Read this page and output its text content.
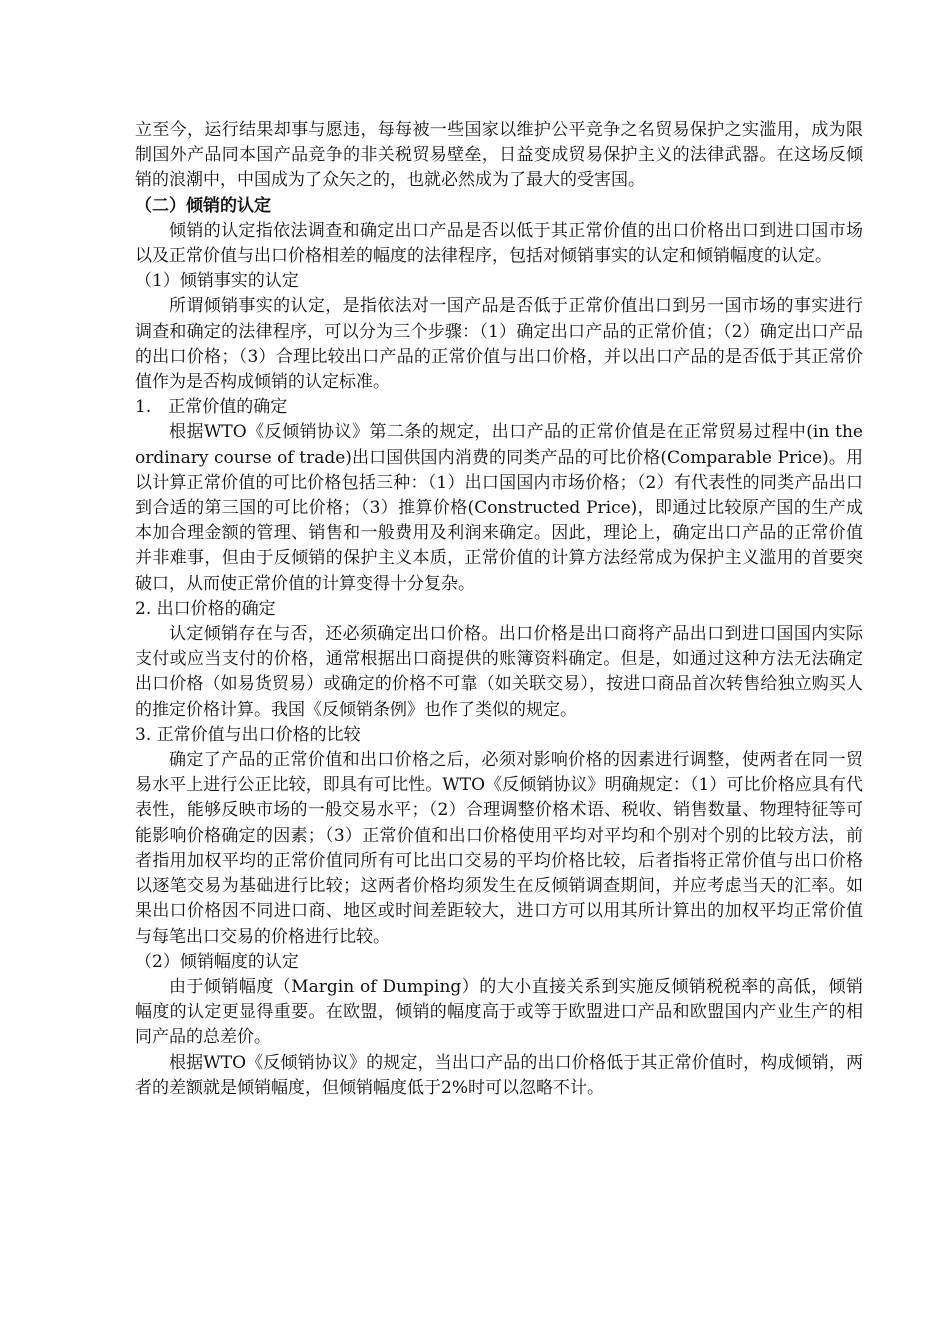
立至今，运行结果却事与愿违，每每被一些国家以维护公平竞争之名贸易保护之实滥用，成为限制国外产品同本国产品竞争的非关税贸易壁垒，日益变成贸易保护主义的法律武器。在这场反倾销的浪潮中，中国成为了众矢之的，也就必然成为了最大的受害国。

（二）倾销的认定

倾销的认定指依法调查和确定出口产品是否以低于其正常价值的出口价格出口到进口国市场以及正常价值与出口价格相差的幅度的法律程序，包括对倾销事实的认定和倾销幅度的认定。

（1）倾销事实的认定

所谓倾销事实的认定，是指依法对一国产品是否低于正常价值出口到另一国市场的事实进行调查和确定的法律程序，可以分为三个步骤：（1）确定出口产品的正常价值；（2）确定出口产品的出口价格；（3）合理比较出口产品的正常价值与出口价格，并以出口产品的是否低于其正常价值作为是否构成倾销的认定标准。

1.　正常价值的确定

根据WTO《反倾销协议》第二条的规定，出口产品的正常价值是在正常贸易过程中(in the ordinary course of trade)出口国供国内消费的同类产品的可比价格(Comparable Price)。用以计算正常价值的可比价格包括三种：（1）出口国国内市场价格；（2）有代表性的同类产品出口到合适的第三国的可比价格；（3）推算价格(Constructed Price)，即通过比较原产国的生产成本加合理金额的管理、销售和一般费用及利润来确定。因此，理论上，确定出口产品的正常价值并非难事，但由于反倾销的保护主义本质，正常价值的计算方法经常成为保护主义滥用的首要突破口，从而使正常价值的计算变得十分复杂。

2. 出口价格的确定

认定倾销存在与否，还必须确定出口价格。出口价格是出口商将产品出口到进口国国内实际支付或应当支付的价格，通常根据出口商提供的账簿资料确定。但是，如通过这种方法无法确定出口价格（如易货贸易）或确定的价格不可靠（如关联交易），按进口商品首次转售给独立购买人的推定价格计算。我国《反倾销条例》也作了类似的规定。

3. 正常价值与出口价格的比较

确定了产品的正常价值和出口价格之后，必须对影响价格的因素进行调整，使两者在同一贸易水平上进行公正比较，即具有可比性。WTO《反倾销协议》明确规定：（1）可比价格应具有代表性，能够反映市场的一般交易水平；（2）合理调整价格术语、税收、销售数量、物理特征等可能影响价格确定的因素；（3）正常价值和出口价格使用平均对平均和个别对个别的比较方法，前者指用加权平均的正常价值同所有可比出口交易的平均价格比较，后者指将正常价值与出口价格以逐笔交易为基础进行比较；这两者价格均须发生在反倾销调查期间，并应考虑当天的汇率。如果出口价格因不同进口商、地区或时间差距较大，进口方可以用其所计算出的加权平均正常价值与每笔出口交易的价格进行比较。

（2）倾销幅度的认定

由于倾销幅度（Margin of Dumping）的大小直接关系到实施反倾销税税率的高低，倾销幅度的认定更显得重要。在欧盟，倾销的幅度高于或等于欧盟进口产品和欧盟国内产业生产的相同产品的总差价。

根据WTO《反倾销协议》的规定，当出口产品的出口价格低于其正常价值时，构成倾销，两者的差额就是倾销幅度，但倾销幅度低于2%时可以忽略不计。
